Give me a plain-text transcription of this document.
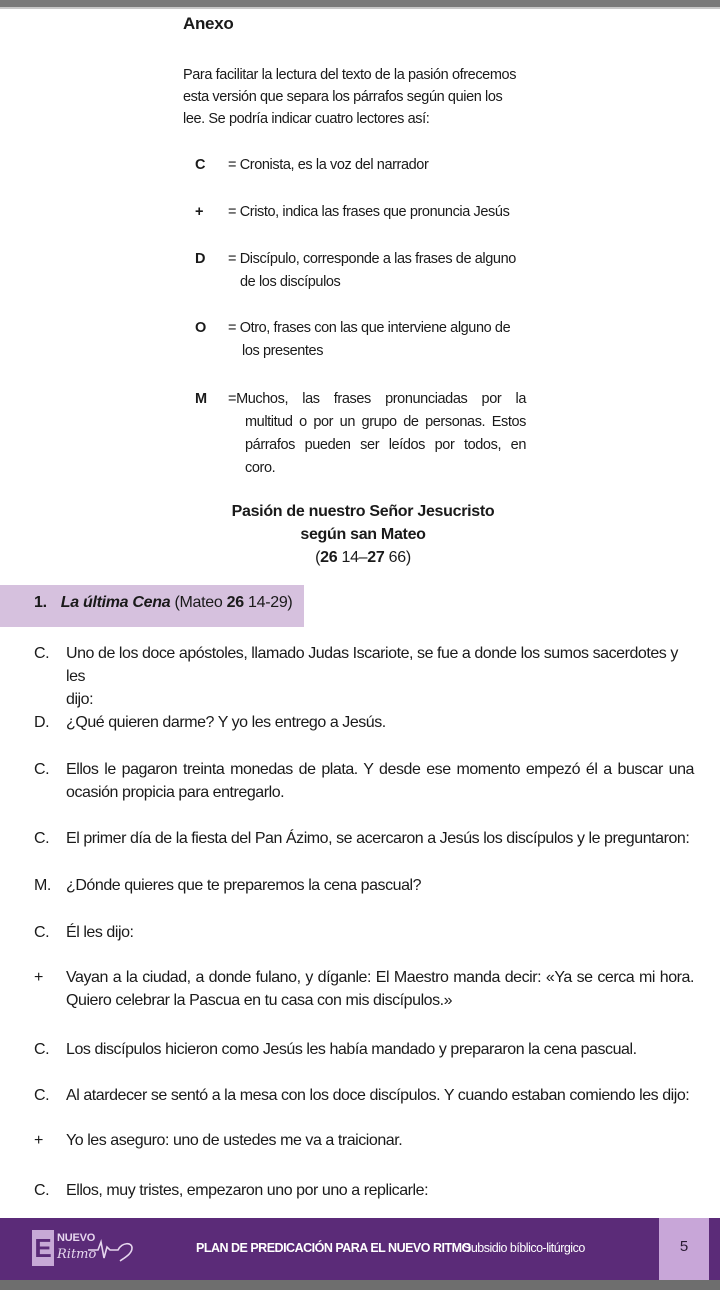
Anexo
Para facilitar la lectura del texto de la pasión ofrecemos esta versión que separa los párrafos según quien los lee. Se podría indicar cuatro lectores así:
C	= Cronista, es la voz del narrador
+	= Cristo, indica las frases que pronuncia Jesús
D	= Discípulo, corresponde a las frases de alguno
de los discípulos
O	= Otro, frases con las que interviene alguno de
los presentes
M	=Muchos, las frases pronunciadas por la
multitud o por un grupo de personas. Estos
párrafos pueden ser leídos por todos, en
coro.
Pasión de nuestro Señor Jesucristo
según san Mateo
(26 14–27 66)
1. La última Cena (Mateo 26 14-29)
C.	Uno de los doce apóstoles, llamado Judas Iscariote, se fue a donde los sumos sacerdotes y les
dijo:
D.	¿Qué quieren darme? Y yo les entrego a Jesús.
C.	Ellos le pagaron treinta monedas de plata. Y desde ese momento empezó él a buscar una
ocasión propicia para entregarlo.
C.	El primer día de la fiesta del Pan Ázimo, se acercaron a Jesús los discípulos y le preguntaron:
M. ¿Dónde quieres que te preparemos la cena pascual?
C.	Él les dijo:
+	Vayan a la ciudad, a donde fulano, y díganle: El Maestro manda decir: «Ya se cerca mi hora.
Quiero celebrar la Pascua en tu casa con mis discípulos.»
C.	Los discípulos hicieron como Jesús les había mandado y prepararon la cena pascual.
C.	Al atardecer se sentó a la mesa con los doce discípulos. Y cuando estaban comiendo les dijo:
+	Yo les aseguro: uno de ustedes me va a traicionar.
C.	Ellos, muy tristes, empezaron uno por uno a replicarle:
E NUEVO
Ritmo	PLAN DE PREDICACIÓN PARA EL NUEVO RITMO
Subsidio bíblico-litúrgico	5
